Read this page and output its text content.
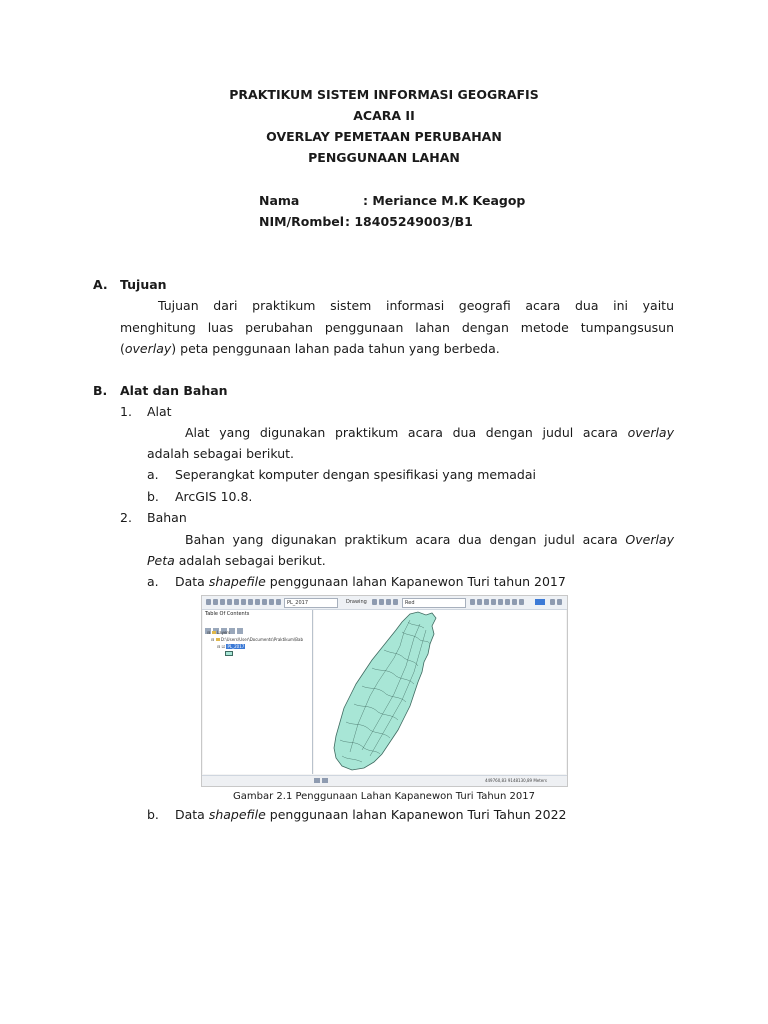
PRAKTIKUM SISTEM INFORMASI GEOGRAFIS
ACARA II
OVERLAY PEMETAAN PERUBAHAN
PENGGUNAAN LAHAN
Nama	: Meriance M.K Keagop
NIM/Rombel : 18405249003/B1
A. Tujuan
Tujuan dari praktikum sistem informasi geografi acara dua ini yaitu
menghitung luas perubahan penggunaan lahan dengan metode tumpangsusun
(overlay) peta penggunaan lahan pada tahun yang berbeda.
B. Alat dan Bahan
1. Alat
Alat yang digunakan praktikum acara dua dengan judul acara overlay
adalah sebagai berikut.
a. Seperangkat komputer dengan spesifikasi yang memadai
b. ArcGIS 10.8.
2. Bahan
Bahan yang digunakan praktikum acara dua dengan judul acara Overlay
Peta adalah sebagai berikut.
a. Data shapefile penggunaan lahan Kapanewon Turi tahun 2017
PL_2017	Drawing	Red
Table Of Contents
⊟  Layers
⊟  D:\Users\User\Documents\Praktikum\Bab
⊟ ☑ PL_2017
449760,83 9148130,89 Meters
Gambar 2.1 Penggunaan Lahan Kapanewon Turi Tahun 2017
b. Data shapefile penggunaan lahan Kapanewon Turi Tahun 2022
